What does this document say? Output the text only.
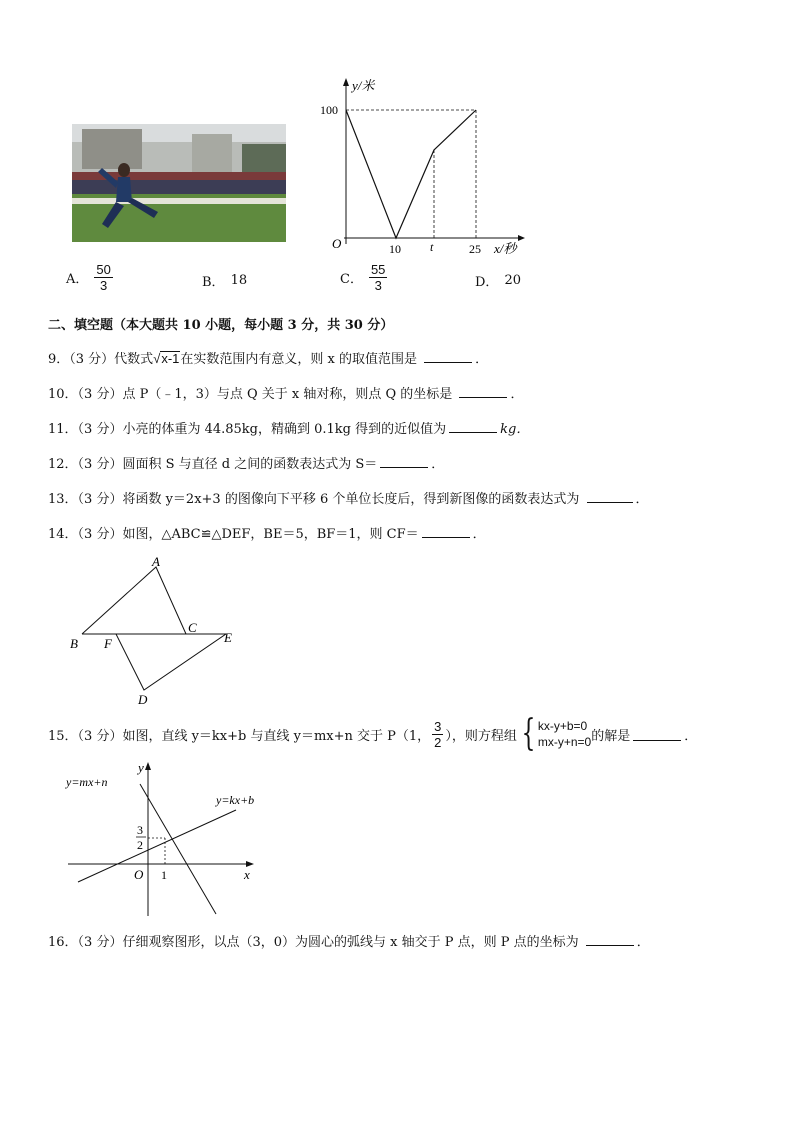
y/米
100
O	10 t	25 x/秒
A． $\frac{50}{3}$	B． 18	C． $\frac{55}{3}$	D． 20
二、填空题（本大题共 10 小题，每小题 3 分，共 30 分）
9．（3 分）代数式 √ x-1 在实数范围内有意义，则 x 的取值范围是	．
10．（3 分）点 P（﹣1，3）与点 Q 关于 x 轴对称，则点 Q 的坐标是	．
11．（3 分）小亮的体重为 44.85kg，精确到 0.1kg 得到的近似值为	kg．
12．（3 分）圆面积 S 与直径 d 之间的函数表达式为 S＝	．
13．（3 分）将函数 y＝2x+3 的图像向下平移 6 个单位长度后，得到新图像的函数表达式为	．
14．（3 分）如图，△ABC≌△DEF，BE＝5，BF＝1，则 CF＝	．
A
B
C
D
E
F
15．（3 分）如图，直线 y＝kx+b 与直线 y＝mx+n 交于 P（1， $\frac{3}{2}$ ），则方程组 { kx-y+b=0
mx-y+n=0 的解是	．
y=mx+n
y=kx+b
y
x
O 1
3
2
16．（3 分）仔细观察图形，以点（3，0）为圆心的弧线与 x 轴交于 P 点，则 P 点的坐标为	．
